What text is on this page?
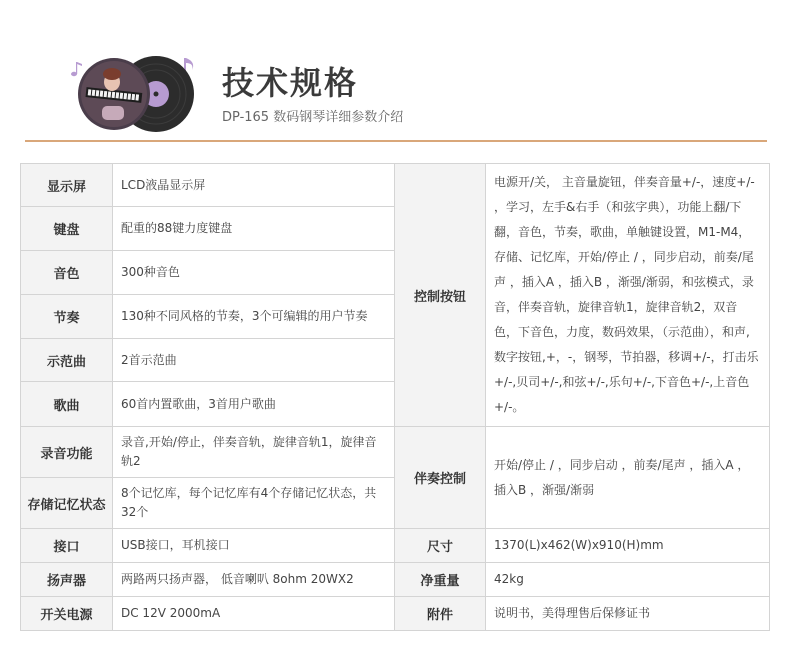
技术规格
DP-165 数码钢琴详细参数介绍
显示屏	LCD液晶显示屏	控制按钮	电源开/关， 主音量旋钮，伴奏音量+/-，速度+/- ，学习，左手&右手（和弦字典），功能上翻/下翻，音色，节奏，歌曲，单触键设置，M1-M4，存储、记忆库，开始/停止 / ，同步启动，前奏/尾声 ，插入A ，插入B ，渐强/渐弱，和弦模式，录音，伴奏音轨，旋律音轨1，旋律音轨2，双音色，下音色，力度，数码效果，（示范曲），和声,数字按钮,+，-，钢琴，节拍器，移调+/-，打击乐+/-,贝司+/-,和弦+/-,乐句+/-,下音色+/-,上音色+/-。
键盘	配重的88键力度键盘		
音色	300种音色		
节奏	130种不同风格的节奏，3个可编辑的用户节奏		
示范曲	2首示范曲		
歌曲	60首内置歌曲，3首用户歌曲		
录音功能	录音,开始/停止，伴奏音轨，旋律音轨1，旋律音轨2	伴奏控制	开始/停止 / ，同步启动 ，前奏/尾声 ，插入A ，插入B ，渐强/渐弱
存储记忆状态	8个记忆库，每个记忆库有4个存储记忆状态，共32个		
接口	USB接口，耳机接口	尺寸	1370(L)x462(W)x910(H)mm
扬声器	两路两只扬声器， 低音喇叭 8ohm 20WX2	净重量	42kg
开关电源	DC 12V 2000mA	附件	说明书，美得理售后保修证书
